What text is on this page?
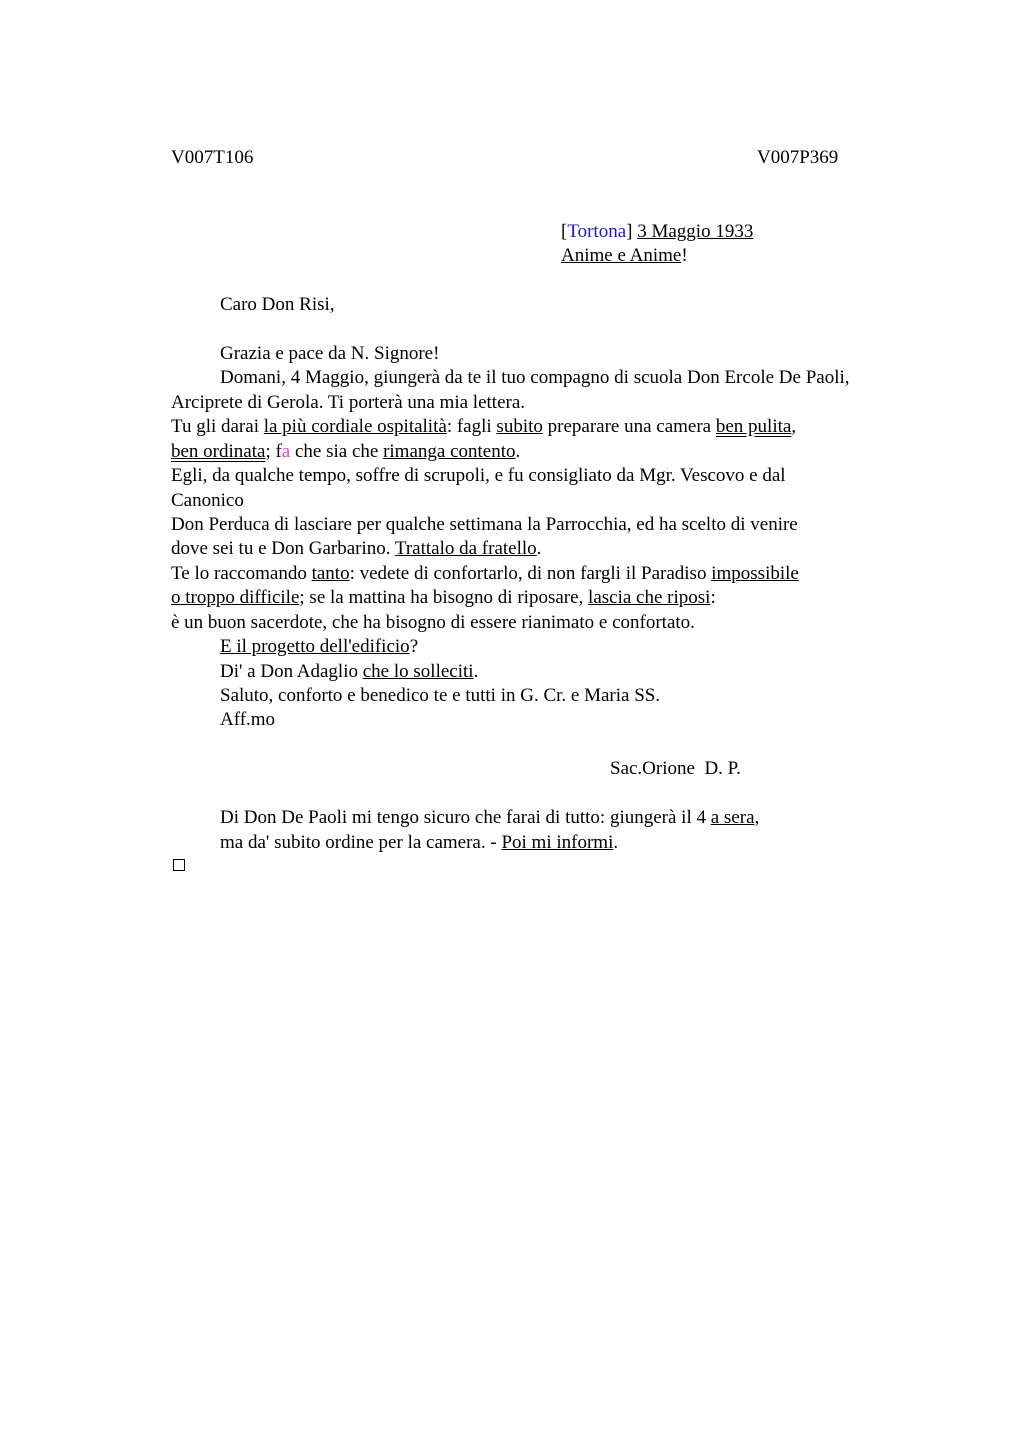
V007T106	V007P369
[Tortona] 3 Maggio 1933
Anime e Anime!
Caro Don Risi,
Grazia e pace da N. Signore!
Domani, 4 Maggio, giungerà da te il tuo compagno di scuola Don Ercole De Paoli,
Arciprete di Gerola. Ti porterà una mia lettera.
Tu gli darai la più cordiale ospitalità: fagli subito preparare una camera ben pulita,
ben ordinata; fa che sia che rimanga contento.
Egli, da qualche tempo, soffre di scrupoli, e fu consigliato da Mgr. Vescovo e dal
Canonico
Don Perduca di lasciare per qualche settimana la Parrocchia, ed ha scelto di venire
dove sei tu e Don Garbarino. Trattalo da fratello.
Te lo raccomando tanto: vedete di confortarlo, di non fargli il Paradiso impossibile
o troppo difficile; se la mattina ha bisogno di riposare, lascia che riposi:
è un buon sacerdote, che ha bisogno di essere rianimato e confortato.
E il progetto dell'edificio?
Di' a Don Adaglio che lo solleciti.
Saluto, conforto e benedico te e tutti in G. Cr. e Maria SS.
Aff.mo
Sac.Orione  D. P.
Di Don De Paoli mi tengo sicuro che farai di tutto: giungerà il 4 a sera,
ma da' subito ordine per la camera. - Poi mi informi.
